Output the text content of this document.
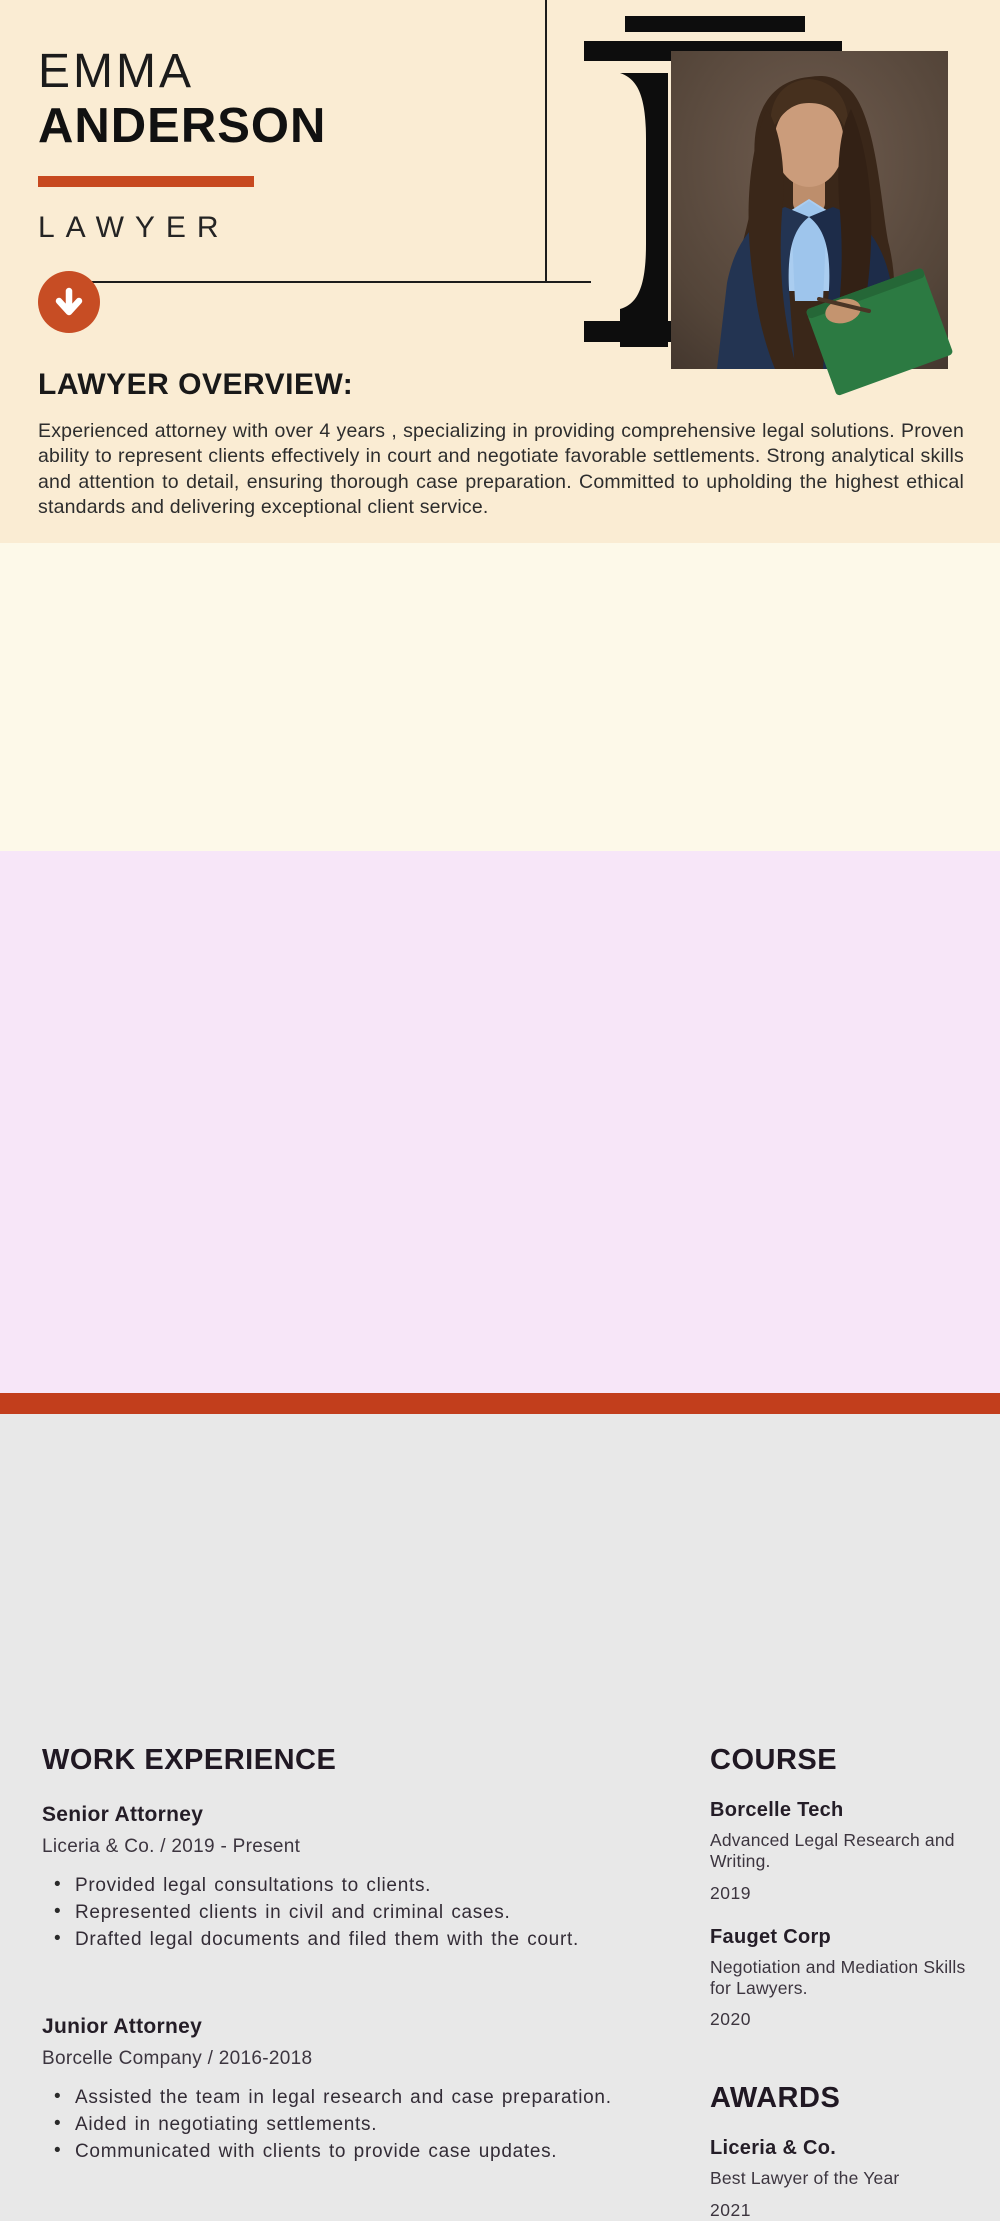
EMMA
ANDERSON
LAWYER
LAWYER OVERVIEW:

Experienced attorney with over 4 years , specializing in providing comprehensive legal solutions. Proven ability to represent clients effectively in court and negotiate favorable settlements. Strong analytical skills and attention to detail, ensuring thorough case preparation. Committed to upholding the highest ethical standards and delivering exceptional client service.

•
•
•
•
•
•
•
WORK EXPERIENCE
Senior Attorney
Liceria & Co. / 2019 - Present
• Provided legal consultations to clients.
• Represented clients in civil and criminal cases.
• Drafted legal documents and filed them with the court.
Junior Attorney
Borcelle Company / 2016-2018
• Assisted the team in legal research and case preparation.
• Aided in negotiating settlements.
• Communicated with clients to provide case updates.
COURSE
Borcelle Tech
Advanced Legal Research and Writing.
2019
Fauget Corp
Negotiation and Mediation Skills for Lawyers.
2020
AWARDS
Liceria & Co.
Best Lawyer of the Year
2021
